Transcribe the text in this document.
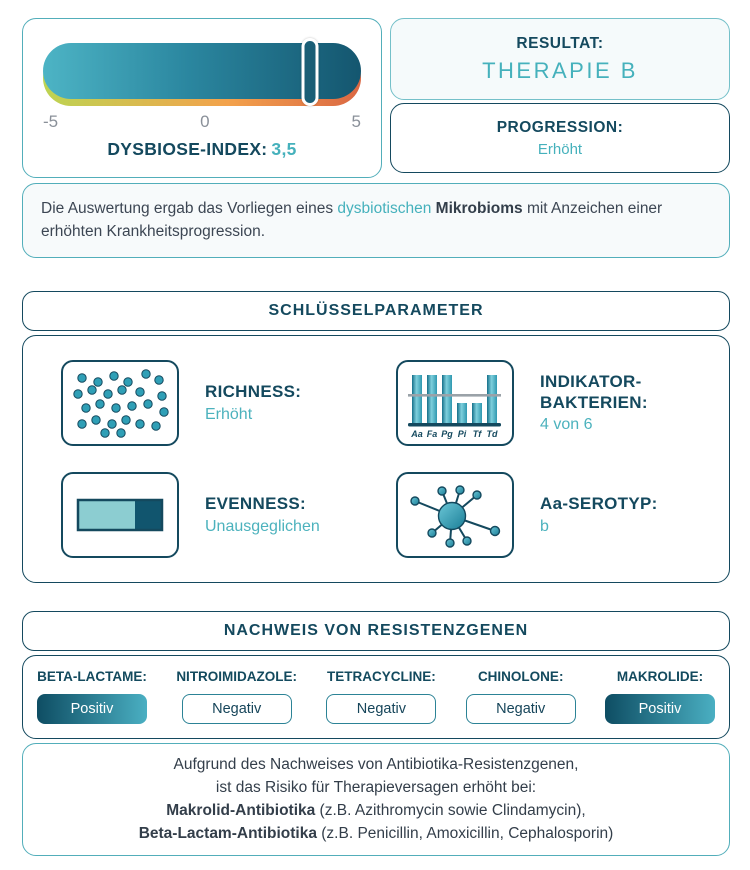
-5	0	5
DYSBIOSE-INDEX: 3,5
RESULTAT:
THERAPIE B
PROGRESSION:
Erhöht
Die Auswertung ergab das Vorliegen eines dysbiotischen Mikrobioms mit Anzeichen einer erhöhten Krankheitsprogression.
SCHLÜSSELPARAMETER
RICHNESS:
Erhöht
Aa Fa Pg Pi Tf Td
INDIKATOR-BAKTERIEN:
4 von 6
EVENNESS:
Unausgeglichen
Aa-SEROTYP:
b
NACHWEIS VON RESISTENZGENEN
BETA-LACTAME:
Positiv
NITROIMIDAZOLE:
Negativ
TETRACYCLINE:
Negativ
CHINOLONE:
Negativ
MAKROLIDE:
Positiv
Aufgrund des Nachweises von Antibiotika-Resistenzgenen,
ist das Risiko für Therapieversagen erhöht bei:
Makrolid-Antibiotika (z.B. Azithromycin sowie Clindamycin),
Beta-Lactam-Antibiotika (z.B. Penicillin, Amoxicillin, Cephalosporin)
